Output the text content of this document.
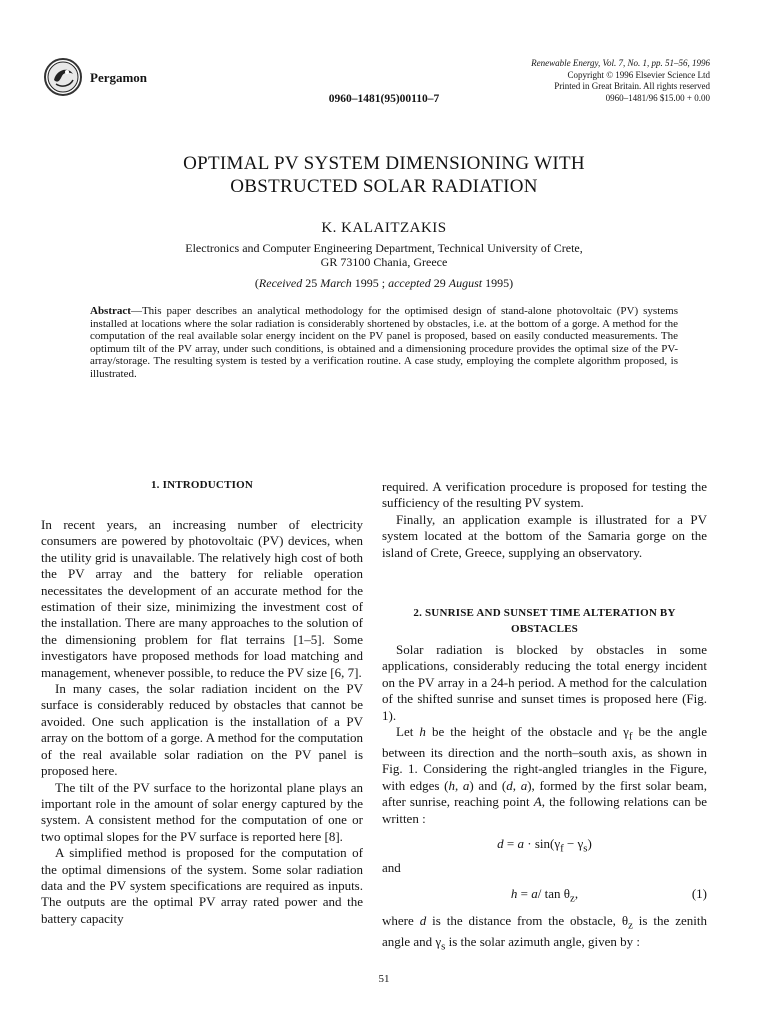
Pergamon
Renewable Energy, Vol. 7, No. 1, pp. 51–56, 1996
Copyright © 1996 Elsevier Science Ltd
Printed in Great Britain. All rights reserved
0960–1481/96 $15.00 + 0.00
0960–1481(95)00110–7
OPTIMAL PV SYSTEM DIMENSIONING WITH
OBSTRUCTED SOLAR RADIATION
K. KALAITZAKIS
Electronics and Computer Engineering Department, Technical University of Crete,
GR 73100 Chania, Greece
(Received 25 March 1995 ; accepted 29 August 1995)
Abstract—This paper describes an analytical methodology for the optimised design of stand-alone photovoltaic (PV) systems installed at locations where the solar radiation is considerably shortened by obstacles, i.e. at the bottom of a gorge. A method for the computation of the real available solar energy incident on the PV panel is proposed, based on easily conducted measurements. The optimum tilt of the PV array, under such conditions, is obtained and a dimensioning procedure provides the optimal size of the PV-array/storage. The resulting system is tested by a verification routine. A case study, employing the complete algorithm proposed, is illustrated.
1. INTRODUCTION

In recent years, an increasing number of electricity consumers are powered by photovoltaic (PV) devices, when the utility grid is unavailable. The relatively high cost of both the PV array and the battery for reliable operation necessitates the development of an accurate method for the estimation of their size, minimizing the investment cost of the installation. There are many approaches to the solution of the dimensioning problem for flat terrains [1–5]. Some investigators have proposed methods for load matching and management, whenever possible, to reduce the PV size [6, 7].

In many cases, the solar radiation incident on the PV surface is considerably reduced by obstacles that cannot be avoided. One such application is the installation of a PV array on the bottom of a gorge. A method for the computation of the real available solar radiation on the PV panel is proposed here.

The tilt of the PV surface to the horizontal plane plays an important role in the amount of solar energy captured by the system. A consistent method for the computation of one or two optimal slopes for the PV surface is reported here [8].

A simplified method is proposed for the computation of the optimal dimensions of the system. Some solar radiation data and the PV system specifications are required as inputs. The outputs are the optimal PV array rated power and the battery capacity

required. A verification procedure is proposed for testing the sufficiency of the resulting PV system.

Finally, an application example is illustrated for a PV system located at the bottom of the Samaria gorge on the island of Crete, Greece, supplying an observatory.

2. SUNRISE AND SUNSET TIME ALTERATION BY
OBSTACLES

Solar radiation is blocked by obstacles in some applications, considerably reducing the total energy incident on the PV array in a 24-h period. A method for the calculation of the shifted sunrise and sunset times is proposed here (Fig. 1).

Let h be the height of the obstacle and $\gamma_f$ be the angle between its direction and the north–south axis, as shown in Fig. 1. Considering the right-angled triangles in the Figure, with edges (h, a) and (d, a), formed by the first solar beam, after sunrise, reaching point A, the following relations can be written :

$d = a \cdot \sin(\gamma_f - \gamma_s)$
and
h = a/ $\tan \theta_z$,	(1)

where d is the distance from the obstacle, $\theta_z$ is the zenith angle and $\gamma_s$ is the solar azimuth angle, given by :

51
